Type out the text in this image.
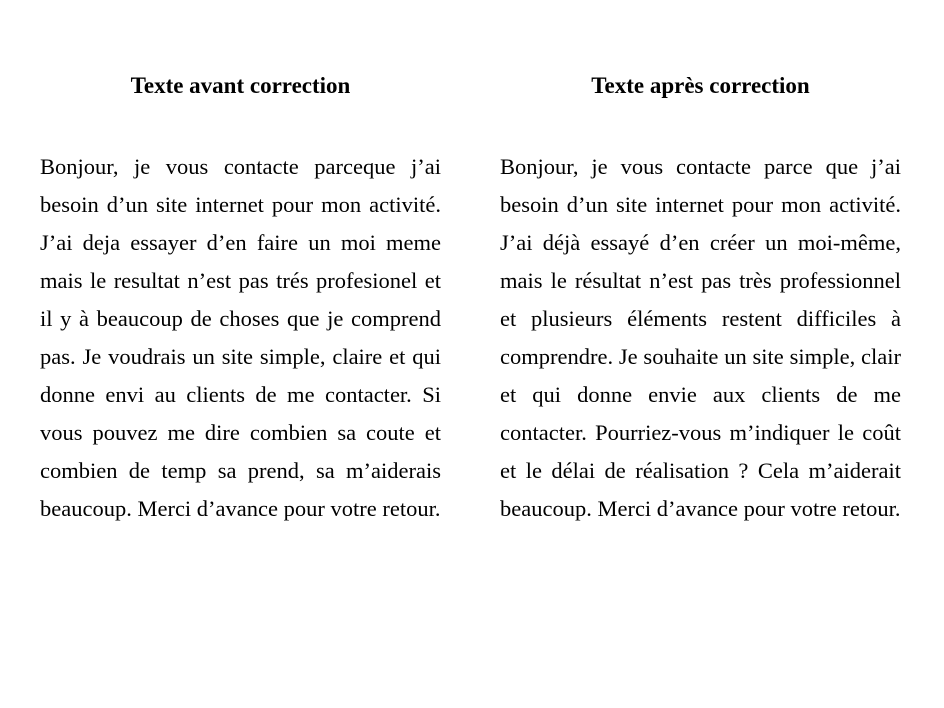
Texte avant correction

Bonjour, je vous contacte parceque j’ai besoin d’un site internet pour mon activité. J’ai deja essayer d’en faire un moi meme mais le resultat n’est pas trés profesionel et il y à beaucoup de choses que je comprend pas. Je voudrais un site simple, claire et qui donne envi au clients de me contacter. Si vous pouvez me dire combien sa coute et combien de temp sa prend, sa m’aiderais beaucoup. Merci d’avance pour votre retour.

Texte après correction

Bonjour, je vous contacte parce que j’ai besoin d’un site internet pour mon activité. J’ai déjà essayé d’en créer un moi-même, mais le résultat n’est pas très professionnel et plusieurs éléments restent difficiles à comprendre. Je souhaite un site simple, clair et qui donne envie aux clients de me contacter. Pourriez-vous m’indiquer le coût et le délai de réalisation ? Cela m’aiderait beaucoup. Merci d’avance pour votre retour.
